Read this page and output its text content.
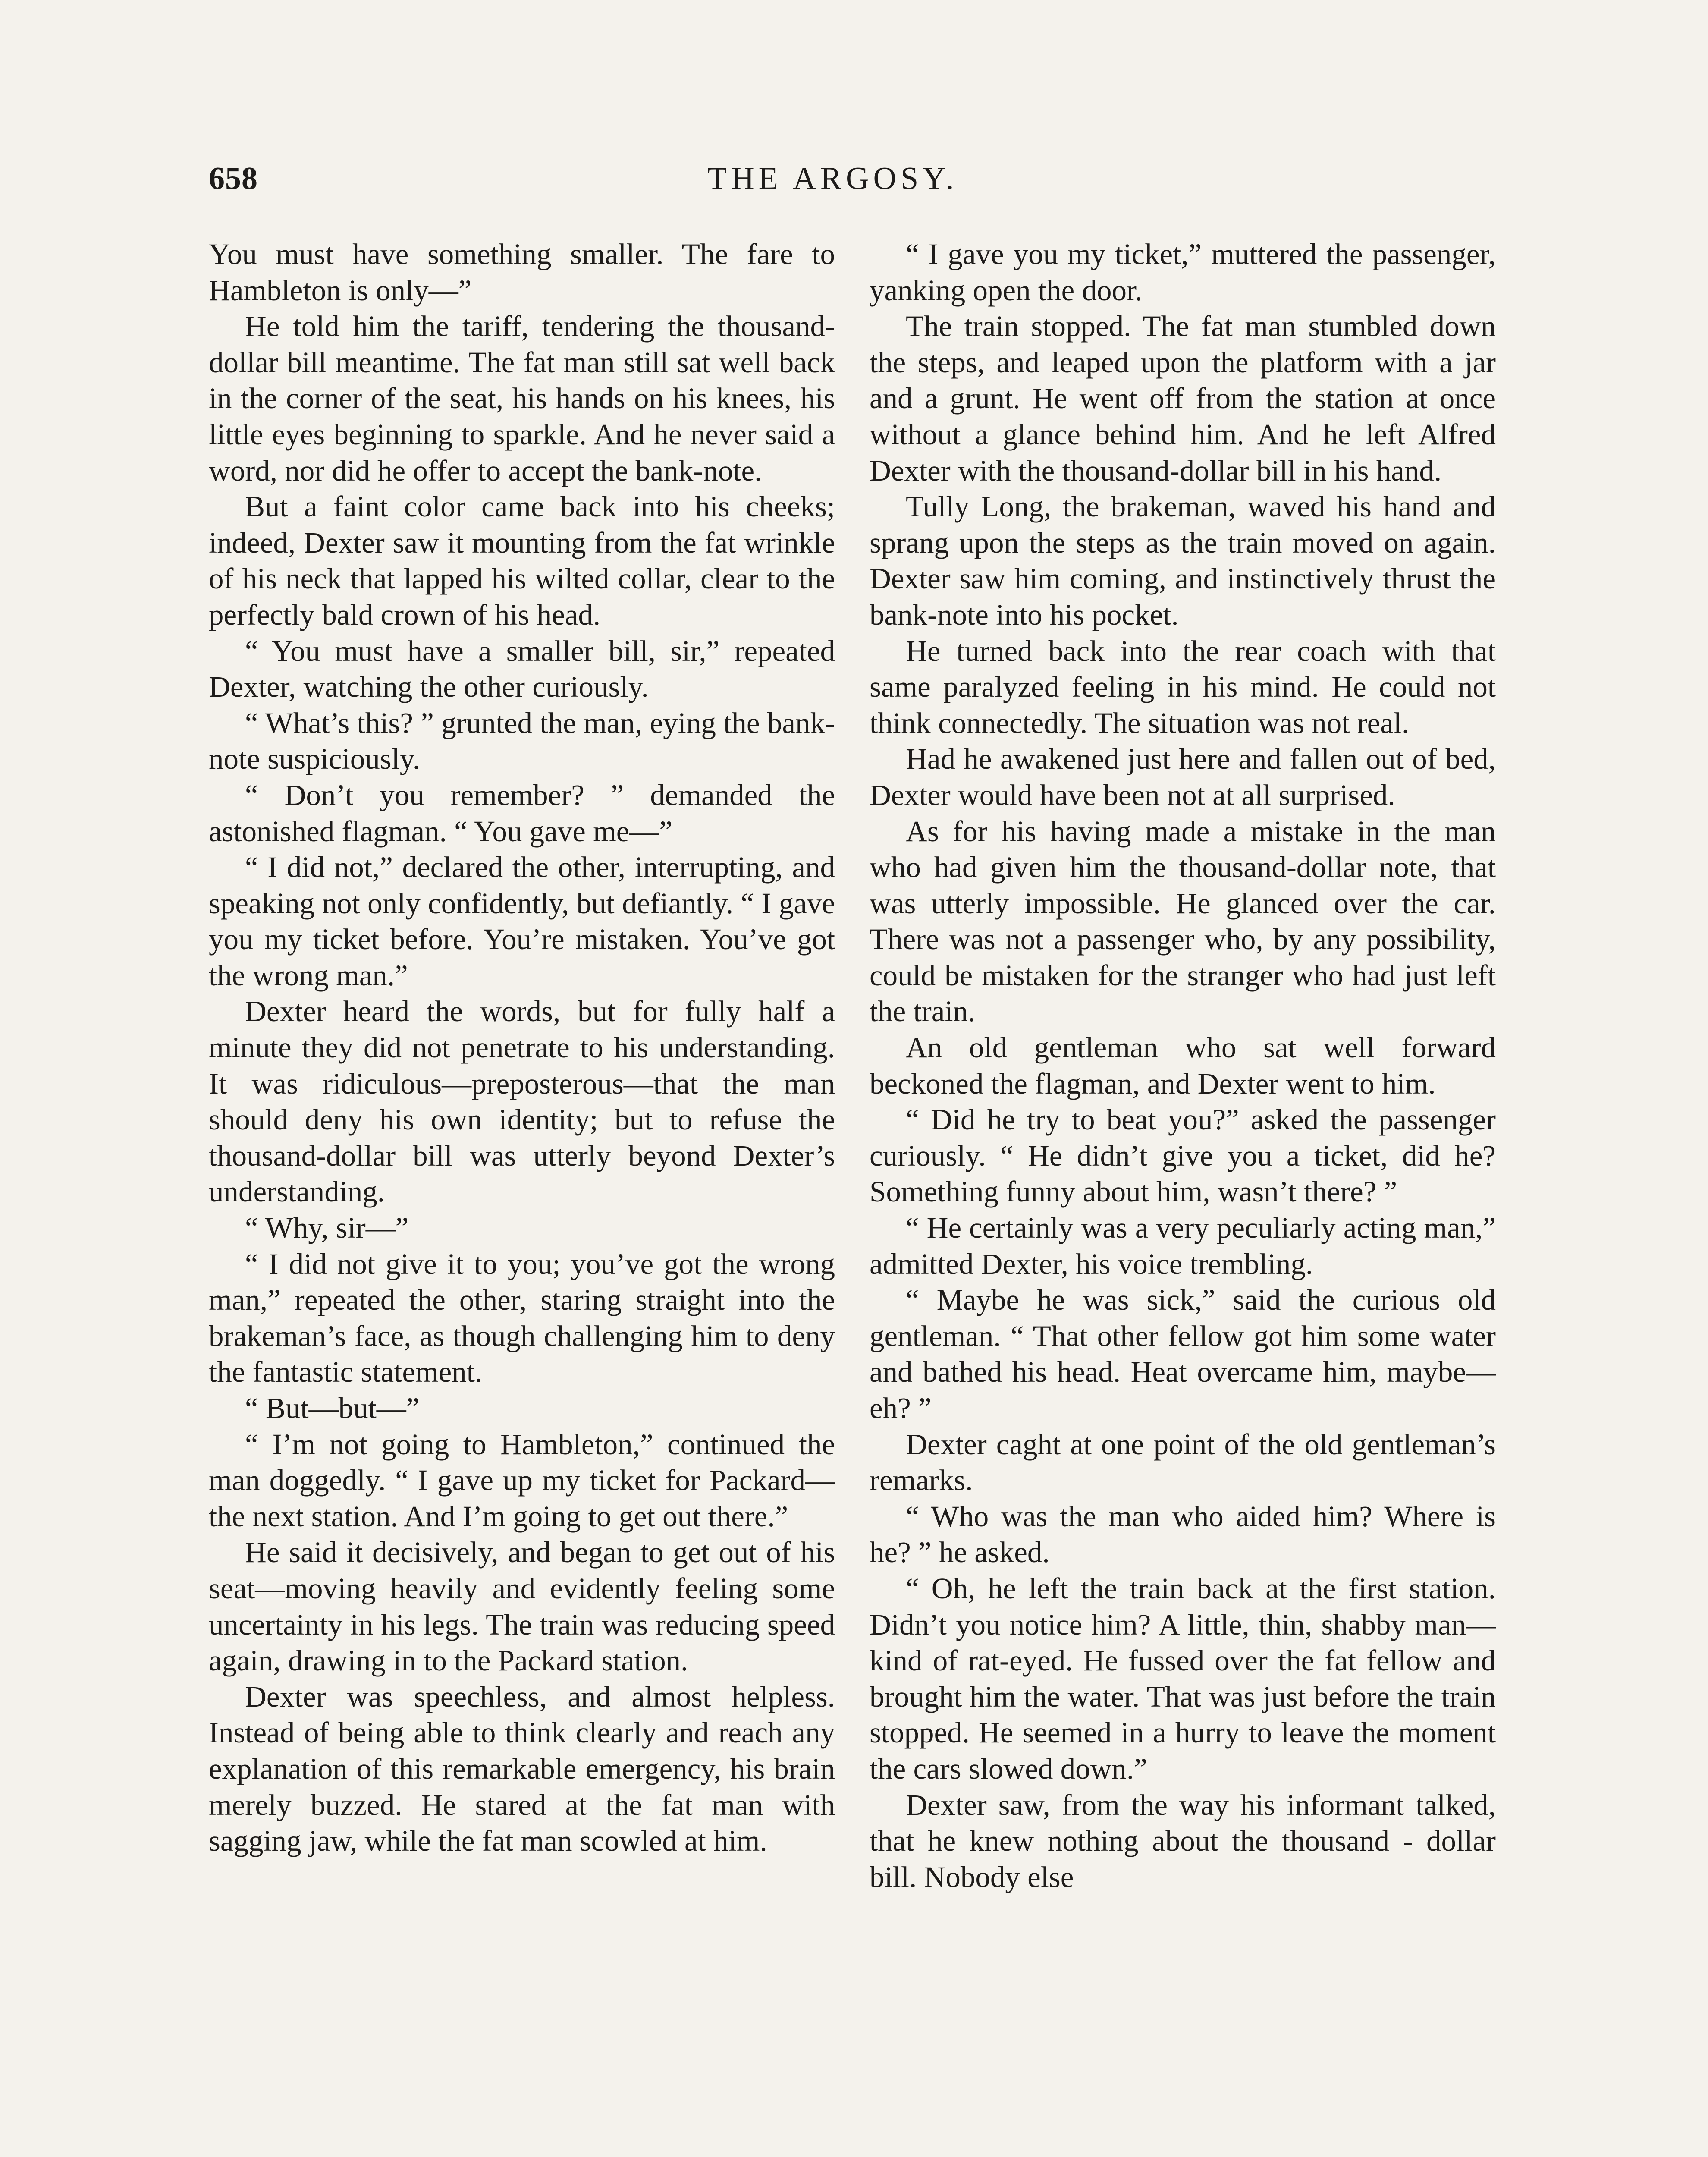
658	THE ARGOSY.

You must have something smaller. The fare to Hambleton is only—”

He told him the tariff, tendering the thousand-dollar bill meantime. The fat man still sat well back in the corner of the seat, his hands on his knees, his little eyes beginning to sparkle. And he never said a word, nor did he offer to accept the bank-note.

But a faint color came back into his cheeks; indeed, Dexter saw it mounting from the fat wrinkle of his neck that lapped his wilted collar, clear to the perfectly bald crown of his head.

“ You must have a smaller bill, sir,” repeated Dexter, watching the other curiously.

“ What’s this? ” grunted the man, eying the bank-note suspiciously.

“ Don’t you remember? ” demanded the astonished flagman. “ You gave me—”

“ I did not,” declared the other, interrupting, and speaking not only confidently, but defiantly. “ I gave you my ticket before. You’re mistaken. You’ve got the wrong man.”

Dexter heard the words, but for fully half a minute they did not penetrate to his understanding. It was ridiculous—preposterous—that the man should deny his own identity; but to refuse the thousand-dollar bill was utterly beyond Dexter’s understanding.

“ Why, sir—”

“ I did not give it to you; you’ve got the wrong man,” repeated the other, staring straight into the brakeman’s face, as though challenging him to deny the fantastic statement.

“ But—but—”

“ I’m not going to Hambleton,” continued the man doggedly. “ I gave up my ticket for Packard—the next station. And I’m going to get out there.”

He said it decisively, and began to get out of his seat—moving heavily and evidently feeling some uncertainty in his legs. The train was reducing speed again, drawing in to the Packard station.

Dexter was speechless, and almost helpless. Instead of being able to think clearly and reach any explanation of this remarkable emergency, his brain merely buzzed. He stared at the fat man with sagging jaw, while the fat man scowled at him.

“ I gave you my ticket,” muttered the passenger, yanking open the door.

The train stopped. The fat man stumbled down the steps, and leaped upon the platform with a jar and a grunt. He went off from the station at once without a glance behind him. And he left Alfred Dexter with the thousand-dollar bill in his hand.

Tully Long, the brakeman, waved his hand and sprang upon the steps as the train moved on again. Dexter saw him coming, and instinctively thrust the bank-note into his pocket.

He turned back into the rear coach with that same paralyzed feeling in his mind. He could not think connectedly. The situation was not real.

Had he awakened just here and fallen out of bed, Dexter would have been not at all surprised.

As for his having made a mistake in the man who had given him the thousand-dollar note, that was utterly impossible. He glanced over the car. There was not a passenger who, by any possibility, could be mistaken for the stranger who had just left the train.

An old gentleman who sat well forward beckoned the flagman, and Dexter went to him.

“ Did he try to beat you?” asked the passenger curiously. “ He didn’t give you a ticket, did he? Something funny about him, wasn’t there? ”

“ He certainly was a very peculiarly acting man,” admitted Dexter, his voice trembling.

“ Maybe he was sick,” said the curious old gentleman. “ That other fellow got him some water and bathed his head. Heat overcame him, maybe—eh? ”

Dexter caght at one point of the old gentleman’s remarks.

“ Who was the man who aided him? Where is he? ” he asked.

“ Oh, he left the train back at the first station. Didn’t you notice him? A little, thin, shabby man—kind of rat-eyed. He fussed over the fat fellow and brought him the water. That was just before the train stopped. He seemed in a hurry to leave the moment the cars slowed down.”

Dexter saw, from the way his informant talked, that he knew nothing about the thousand - dollar bill. Nobody else
